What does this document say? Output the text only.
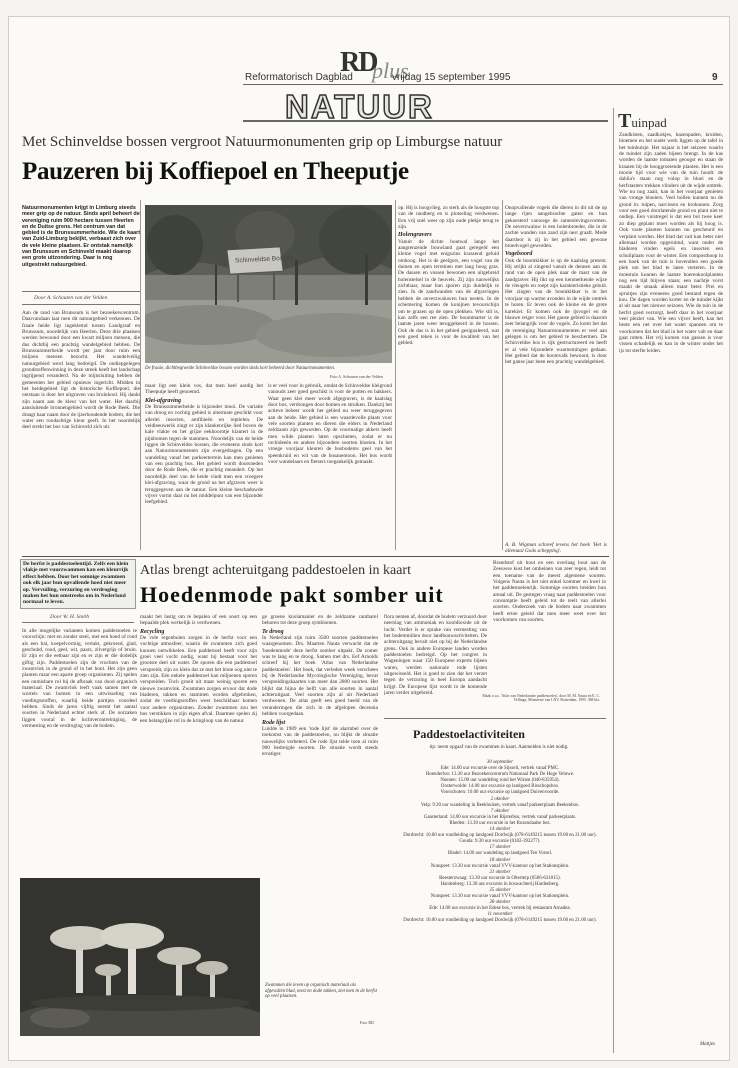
RD
plus
Reformatorisch Dagblad	vrijdag 15 september 1995	9
NATUUR	Tuinpad
Zandkisten, zaadkokjes, hazenpaden, kruiden, bloemen en het ouder werk liggen op de tafel in het tuinhuisje. Het najaar is het seizoen waarin de tuinder zijn zaden bijeen brengt. In de kas worden de laatste tomaten geoogst en staan de kraaien bij de hooggroeiende planten. Het is een mooie tijd voor wie van de tuin houdt: de dahlia's staan nog volop in bloei en de herfstasters trekken vlinders uit de wijde omtrek. Wie nu nog zaait, kan in het voorjaar genieten van vroege bloeiers. Veel bollen kunnen nu de grond in: tulpen, narcissen en krokussen. Zorg voor een goed doorlatende grond en plant niet te ondiep. Een vuistregel is dat een bol twee keer zo diep geplant moet worden als hij hoog is. Ook vaste planten kunnen nu gescheurd en verplant worden. Het blad dat valt kan beter niet allemaal worden opgeruimd, want onder de bladeren vinden egels en insecten een schuilplaats voor de winter. Een composthoop in een hoek van de tuin is bovendien een goede plek om het blad te laten verteren. In de moestuin kunnen de laatste boerenkoolplanten nog een tijd blijven staan; een nachtje vorst maakt de smaak alleen maar beter. Prei en spruitjes zijn eveneens goed bestand tegen de kou. De dagen worden korter en de tuinder kijkt al uit naar het nieuwe seizoen. Wie de tuin in de herfst goed verzorgt, heeft daar in het voorjaar veel plezier van. Wie een vijver heeft, kan het beste een net over het water spannen om te voorkomen dat het blad in het water valt en daar gaat rotten. Het vrij komen van gassen is voor vissen schadelijk en kan in de winter onder het ijs tot sterfte leiden.
Mattjes
Met Schinveldse bossen vergroot Natuurmonumenten grip op Limburgse natuur
Pauzeren bij Koffiepoel en Theeputje
Natuurmonumenten krijgt in Limburg steeds meer grip op de natuur. Sinds april beheert de vereniging ruim 900 hectare tussen Heerlen en de Duitse grens. Het centrum van dat gebied is de Brunssummerheide. Wie de kaart van Zuid-Limburg bekijkt, verbaast zich over de vele kleine plaatsen. Er ontstak namelijk van Brunssum en Schinveld maakt daarop een grote uitzondering. Daar is nog uitgestrekt natuurgebied.
Door A. Schouten van der Velden
Aan de rand van Brunssum is het bezoekerscentrum. Daarvandaan laat men dit natuurgebied verkennen. De fraaie heide ligt ingeklemd tussen Landgraaf en Brunssum, noordelijk van Heerlen. Deze drie plaatsen werden bewoond door een kwart miljoen mensen, die dus dichtbij een prachtig wandelgebied hebben. De Brunssummerheide wordt per jaar door ruim een miljoen mensen bezocht. Het wandelveilig natuurgebied werd lang bedreigd. De ondiepgelegen grondstoffenwinning in deze streek heeft het landschap ingrijpend veranderd. Na de mijnsluiting hebben de gemeenten het gebied opnieuw ingericht. Midden in het heidegebied ligt de historische Koffiepoel, die ontstaan is door het uitgraven van bruinkool. Hij dankt zijn naam aan de kleur van het water. Het daarbij aansluitende bronnengebied wordt de Rode Beek. Die draagt haar naam door de ijzerhoudende bodem, die het water een roodachtige kleur geeft. In het noordelijk deel strekt het bos van Schinveld zich uit.
Schinveldse Bossen
De fraaie, dichtbegroeide Schinveldse bossen worden sinds kort beheerd door Natuurmonumenten.
Foto A. Schouten van der Velden
maar ligt een klein vos, dat men heel aardig het Theeputje heeft genoemd.
Klei-afgraving
De Brunssummerheide is bijzonder mooi. De variatie van droog en vochtig gebied is uitermate geschikt voor allerlei insecten, amfibieën en reptielen. De veldleeuwerik zingt er zijn klankenrijke lied boven de kale vlakte en het grijze eekhoorntje klautert in de pijnbomen tegen de stammen. Noordelijk van de heide liggen de Schinveldse bossen, die eveneens sinds kort aan Natuurmonumenten zijn overgedragen. Op een wandeling vanaf het parkeerterrein kan men genieten van een prachtig bos. Het gebied wordt doorsneden door de Rode Beek, die er prachtig meandert. Op het noordelijk deel van de heide vindt men een vroegere klei-afgraving, waar de grond na het afgraven weer is teruggegeven aan de natuur. Een kleine beschaduwde vijver vormt daar nu het middelpunt van een bijzonder leefgebied.
is er veel voor in gebruik, omdat de Schinveldse kleigrond vanouds zeer goed geschikt is voor de potten en bakkers. Waar geen klei meer wordt afgegraven, is de kaalslag door bos, verdrongen door bomen en struiken. Dankzij het actieve beheer wordt het gebied nu weer teruggegeven aan de heide. Het gebied is een waardevolle plaats voor vele soorten planten en dieren die elders in Nederland zeldzaam zijn geworden. Op de voormalige akkers heeft men wilde planten laten opschieten, zodat er nu orchideeën en andere bijzondere soorten bloeien. In het vroege voorjaar kleuren de bosbodems geel van het speenkruid en wit van de bosanemoon. Het bos wordt voor wandelaars en fietsers toegankelijk gemaakt.
op. Hij is hoogvlieg, zo sterk als de hoogste top van de randberg en is plotseling verdwenen. Een vrij snel weer op zijn oude plekje terug te zijn.
Holengravers
Vanuit de dichte houtwal lange het aangrenzende bouwland gaat geregeld een kleine vogel met enigszins krassend geluid omhoog. Het is de geelgors, een vogel van de duinen en open terreinen met lang hoog gras. De dassen en vossen bewonen een uitgebreid holenstelsel in de heuvels. Zij zijn nauwelijks zichtbaar, maar hun sporen zijn duidelijk te zien. In de zandwanden van de afgravingen hebben de oeverzwaluwen hun nesten. In de schemering komen de konijnen tevoorschijn om te grazen op de open plekken. Wie stil is, kan zelfs een ree zien. De boommarter is de laatste jaren weer teruggekeerd in de bossen. Ook de das is in het gebied gesignaleerd, wat een goed teken is voor de kwaliteit van het gebied.
Onopvallende vogels die dieren in dit uit de op lange rijen aangebrachte gaten en hun gekoesterd vanwege de samenlevingsvormen. De oeverzwaluw is een holenbroeder, die in de zachte wanden van zand zijn nest graaft. Mede daardoor is zij in het gebied een gewone broedvogel geworden.
Vogelsoord
Ook de boomkikker is op de kaalslag present. Hij strijkt al zingend vanuit de dennen aan de rand van de open plek naar de mast van de zandgraver. Hij likt op een kenmerkende wijze de vleugels en roept zijn karakteristieke geluid. Het zingen van de boomkikker is in het voorjaar op warme avonden in de wijde omtrek te horen. Er leven ook de kleine en de grote karekiet. Er komen ook de ijsvogel en de blauwe reiger voor. Het ganse gebied is daarom zeer belangrijk voor de vogels. Zo komt het dat de vereniging Natuurmonumenten er veel aan gelegen is om het gebied te beschermen. De Schinveldse bos is rijk gestructureerd en heeft er al vele bijzondere waarnemingen gedaan. Het gebied dat de boomvalk bewoont, is door het ganse jaar heen een prachtig wandelgebied.
A. B. Wigman schreef tevens het boek 'Het is allemaal Gods schepping'.
De herfst is paddestoelentijd. Zelfs een klein vlakje met vuurzwammen kan een kleurrijk effect hebben. Door het somnige zwammen ook elk jaar bun opvallende hoed niet meer op. Vervuiling, verzuring en verdroging maken het hun omstreeks om in Nederland normaal te leven.
Door W. H. Smith
Atlas brengt achteruitgang paddestoelen in kaart
Hoedenmode pakt somber uit
In alle mogelijke varianten komen paddestoelen te voorschijn: met en zonder steel, met een hoed of rond als een bal, koepelvormig, vertakt, gekroesd, glad, geschubd, rood, geel, wit, paars, zilvergrijs of bruin. Er zijn er die eetbaar zijn en er zijn er die dodelijk giftig zijn. Paddestoelen zijn de vruchten van de zwamvlok in de grond of in het hout. Het zijn geen planten maar een aparte groep organismen. Zij spelen een onmisbare rol bij de afbraak van dood organisch materiaal. De zwamvlok leeft vaak samen met de wortels van bomen in een uitwisseling van voedingsstoffen, waarbij beide partijen voordeel hebben. Sinds de jaren vijftig neemt het aantal soorten in Nederland echter sterk af. De oorzaken liggen vooral in de luchtverontreiniging, de vermesting en de verdroging van de bodem.
maakt het lastig om te bepalen of een soort op een bepaalde plek werkelijk is verdwenen.
Recycling
De vele regenbuien zorgen in de herfst voor een vochtige atmosfeer, waarin de zwammen zich goed kunnen ontwikkelen. Een paddestoel heeft voor zijn groei veel vocht nodig, want hij bestaat voor het grootste deel uit water. De sporen die een paddestoel verspreidt, zijn zo klein dat ze met het blote oog niet te zien zijn. Eén enkele paddestoel kan miljoenen sporen verspreiden. Toch groeit uit maar weinig sporen een nieuwe zwamvlok. Zwammen zorgen ervoor dat dode bladeren, takken en stammen worden afgebroken, zodat de voedingsstoffen weer beschikbaar komen voor andere organismen. Zonder zwammen zou het bos verstikken in zijn eigen afval. Daarmee spelen zij een belangrijke rol in de kringloop van de natuur.
ge groene knolamaniet en de zeldzame cantharel behoren tot deze groep symbionten.
Te droog
In Nederland zijn ruim 3500 soorten paddestoelen waargenomen. Drs. Maarten Nauta verwacht dat de 'hoedenmode' deze herfst somber uitpakt. De zomer was te lang en te droog. Samen met drs. Eef Arnolds schreef hij het boek 'Atlas van Nederlandse paddestoelen'. Het boek, dat verleden week verscheen bij de Nederlandse Mycologische Vereniging, bevat verspreidingskaarten van meer dan 2800 soorten. Het blijkt dat bijna de helft van alle soorten in aantal achteruitgaat. Veel soorten zijn al uit Nederland verdwenen. De atlas geeft een goed beeld van de veranderingen die zich in de afgelopen decennia hebben voorgedaan.
Rode lijst
Luidde in 1989 een 'rode lijst' de alarmbel over de toekomst van de paddestoelen, nu blijkt de situatie nauwelijks verbeterd. De rode lijst telde toen al ruim 900 bedreigde soorten. De situatie wordt steeds ernstiger.
flora nemen af, doordat de bodem verzuurd door neerslag van ammoniak en kooldioxide uit de lucht. Verder is er sprake van vermesting van het bodemmilieu door landbouwactiviteiten. De achteruitgang bevalt niet op bij de Nederlandse grens. Ook in andere Europese landen worden paddestoelen bedreigd. Op het congres in Wageningen waar 150 Europese experts bijeen waren, werden nationale rode lijsten uitgewisseld. Het is goed te zien dat het verzet tegen de verzuring in heel Europa aandacht krijgt. De Europese lijst wordt in de komende jaren verder uitgebreid.
Brandstof uit hout en een overlaag hout aan de Zeeuwse kust het omheinen van zeer regen, leidt tot een toename van de meest algemene soorten. Volgens Nauta is het niet enkel kommer en kwel in het paddestoelenrijk. Sommige soorten breiden hun areaal uit. De gestegen vraag naar paddestoelen voor consumptie heeft geleid tot de teelt van allerlei soorten. Onderzoek van de bodem naar zwammen heeft ertoe geleid dat men meer weet over het voorkomen van soorten.
Maak o.a.s. 'Atlas van Nederlandse paddestoelen', door M. M. Nauta en E. C. Vellinga, Ministerie van LNV, Rotterdam, 1995. 368 blz.
Zwammen die leven op organisch materiaal als afgevallen blad, mest en dode takken, ziet men in de herfst op veel plaatsen.
Foto RD
Paddestoelactiviteiten
tip: neem opgaaf van de zwammen in kaart. Aanmelden is niet nodig.
30 september
Ede: 14.00 uur excursie over de Sijsselt, vertrek vanaf PMC.
Hoenderloo: 13.30 uur Bezoekerscentrum Nationaal Park De Hoge Veluwe.
Nuenen: 15.00 uur wandeling rond het Wiram (040-835954).
Oosterwolde: 14.00 uur excursie op landgoed Bisschopsbos.
Voorschoten: 10.00 uur excursie op landgoed Duivenvoorde.
2 oktober
Velp: 9.30 uur wandeling in Beekhuizen, vertrek vanaf parkeerplaats Beekenbos.
7 oktober
Gaasterland: 14.00 uur excursie in het Rijsterbos, vertrek vanaf parkeerplaats.
Rheden: 13.30 uur excursie in het Rozendaalse bos.
14 oktober
Dordrecht: 10.00 uur rondleiding op landgoed Dordwijk (078-6149215 tussen 19.00 en 21.00 uur).
Gouda: 9.30 uur excursie (0182-392277).
17 oktober
Bladel: 14.00 uur wandeling op landgoed Ten Vorsel.
18 oktober
Nunspeet: 13.30 uur excursie vanaf VVV-kantoor op het Stationsplein.
21 oktober
Beesterzwaag: 13.30 uur excursie in Olterterp (0566-631815).
Hardenberg: 13.30 uur excursie in boswachterij Hardenberg.
25 oktober
Nunspeet: 13.30 uur excursie vanaf VVV-kantoor op het Stationsplein.
28 oktober
Ede: 14.00 uur excursie in het Edese bos, vertrek bij restaurant Arnadea.
11 november
Dordrecht: 10.00 uur rondleiding op landgoed Dordwijk (078-6149215 tussen 19.00 en 21.00 uur).
